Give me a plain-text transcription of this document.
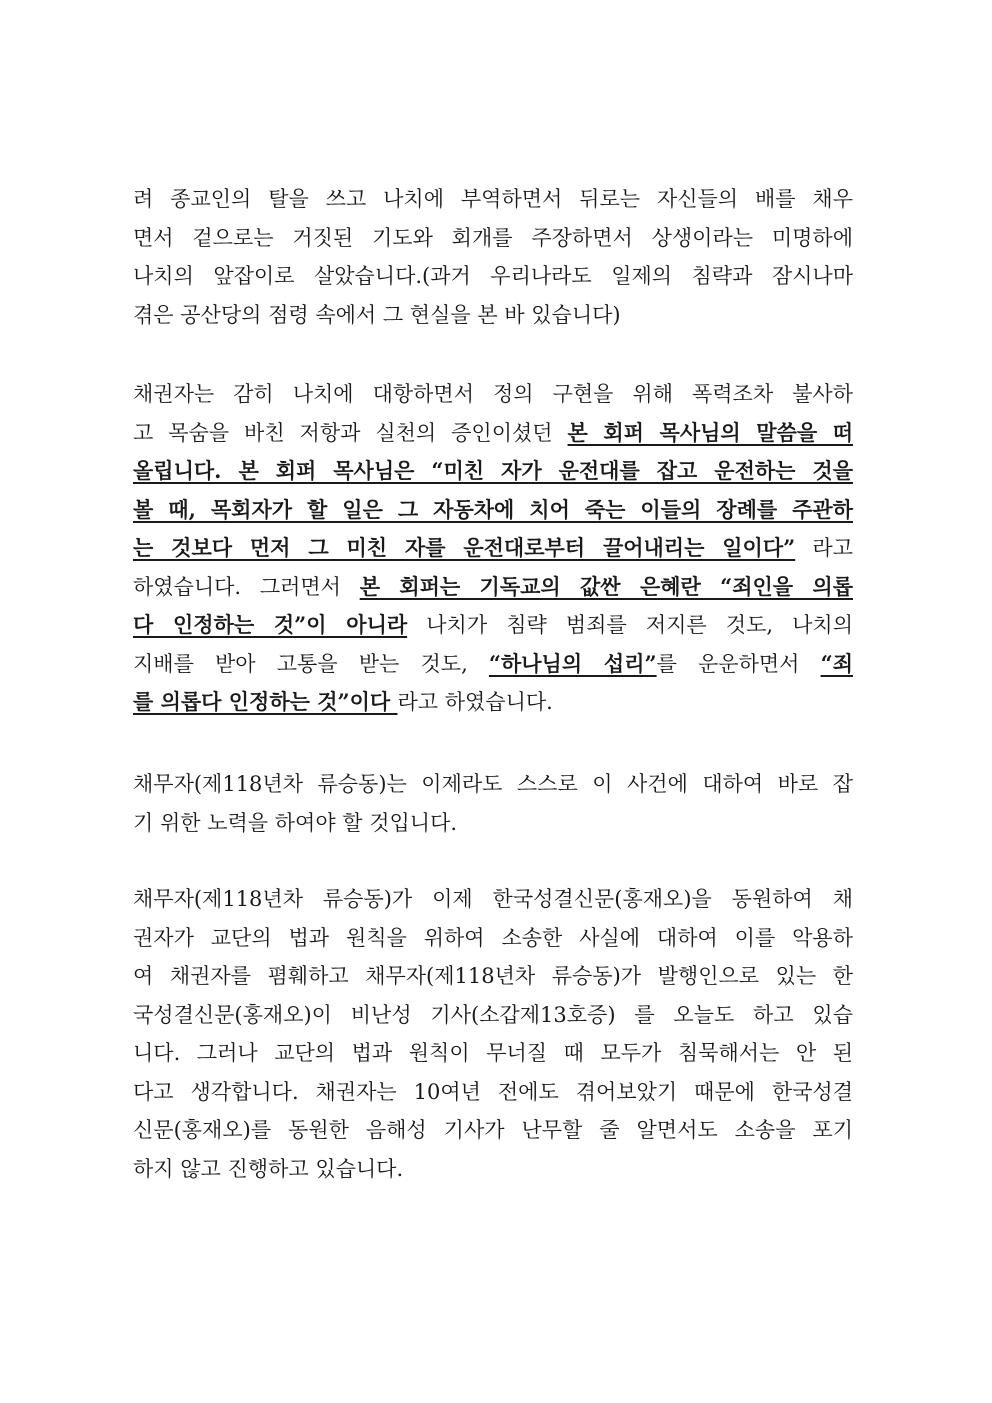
려 종교인의 탈을 쓰고 나치에 부역하면서 뒤로는 자신들의 배를 채우
면서 겉으로는 거짓된 기도와 회개를 주장하면서 상생이라는 미명하에
나치의 앞잡이로 살았습니다.(과거 우리나라도 일제의 침략과 잠시나마
겪은 공산당의 점령 속에서 그 현실을 본 바 있습니다)
채권자는 감히 나치에 대항하면서 정의 구현을 위해 폭력조차 불사하
고 목숨을 바친 저항과 실천의 증인이셨던 본 회퍼 목사님의 말씀을 떠
올립니다. 본 회퍼 목사님은 “미친 자가 운전대를 잡고 운전하는 것을
볼 때, 목회자가 할 일은 그 자동차에 치어 죽는 이들의 장례를 주관하
는 것보다 먼저 그 미친 자를 운전대로부터 끌어내리는 일이다” 라고
하였습니다. 그러면서 본 회퍼는 기독교의 값싼 은혜란 “죄인을 의롭
다 인정하는 것”이 아니라 나치가 침략 범죄를 저지른 것도, 나치의
지배를 받아 고통을 받는 것도, “하나님의 섭리”를 운운하면서 “죄
를 의롭다 인정하는 것”이다 라고 하였습니다.
채무자(제118년차 류승동)는 이제라도 스스로 이 사건에 대하여 바로 잡
기 위한 노력을 하여야 할 것입니다.
채무자(제118년차 류승동)가 이제 한국성결신문(홍재오)을 동원하여 채
권자가 교단의 법과 원칙을 위하여 소송한 사실에 대하여 이를 악용하
여 채권자를 폄훼하고 채무자(제118년차 류승동)가 발행인으로 있는 한
국성결신문(홍재오)이 비난성 기사(소갑제13호증) 를 오늘도 하고 있습
니다. 그러나 교단의 법과 원칙이 무너질 때 모두가 침묵해서는 안 된
다고 생각합니다. 채권자는 10여년 전에도 겪어보았기 때문에 한국성결
신문(홍재오)를 동원한 음해성 기사가 난무할 줄 알면서도 소송을 포기
하지 않고 진행하고 있습니다.
